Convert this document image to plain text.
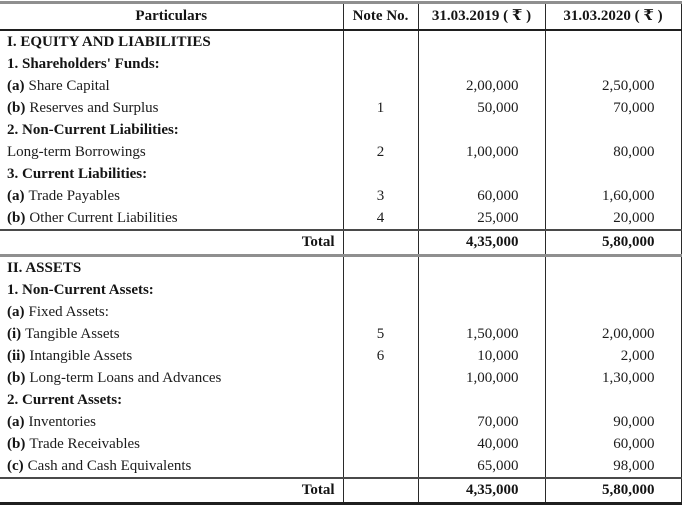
Particulars	Note No.	31.03.2019 ( ₹ )	31.03.2020 ( ₹ )
I. EQUITY AND LIABILITIES			
1. Shareholders' Funds:			
(a) Share Capital		2,00,000	2,50,000
(b) Reserves and Surplus	1	50,000	70,000
2. Non-Current Liabilities:			
Long-term Borrowings	2	1,00,000	80,000
3. Current Liabilities:			
(a) Trade Payables	3	60,000	1,60,000
(b) Other Current Liabilities	4	25,000	20,000
Total		4,35,000	5,80,000
II. ASSETS			
1. Non-Current Assets:			
(a) Fixed Assets:			
(i) Tangible Assets	5	1,50,000	2,00,000
(ii) Intangible Assets	6	10,000	2,000
(b) Long-term Loans and Advances		1,00,000	1,30,000
2. Current Assets:			
(a) Inventories		70,000	90,000
(b) Trade Receivables		40,000	60,000
(c) Cash and Cash Equivalents		65,000	98,000
Total		4,35,000	5,80,000
